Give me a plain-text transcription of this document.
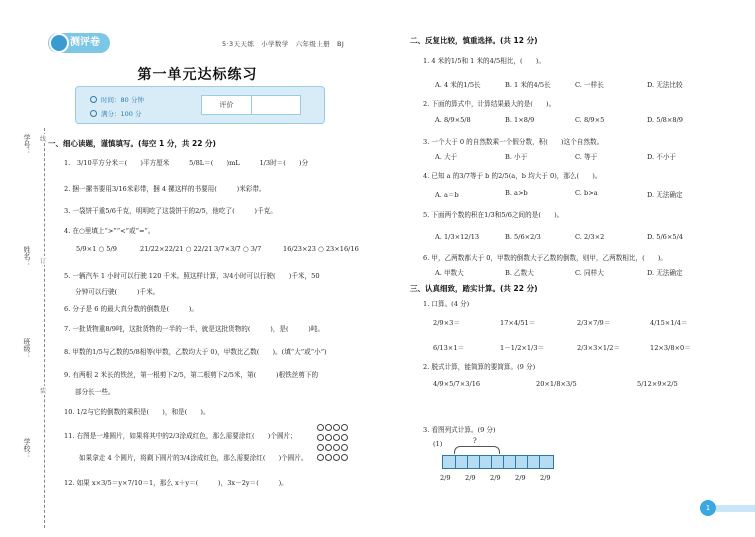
测评卷	5·3天天练　小学数学　六年级上册　BJ
第一单元达标练习
时间：80 分钟
满分：100 分
评价
学号：
姓名：
班级：
学校：
线
订
装
一、细心读题，谨慎填写。(每空 1 分，共 22 分)
1.　3/10平方分米＝(　　)平方厘米　　　5/8L＝(　　)mL　　　1/3时＝(　　)分
2. 捆一摞书要用3/16米彩带，捆 4 摞这样的书要用(　　　)米彩带。
3. 一袋饼干重5/6千克，明明吃了这袋饼干的2/5，他吃了(　　　)千克。
4. 在○里填上“>”“<”或“=”。
5/9×1 ○ 5/9	21/22×22/21 ○ 22/21 3/7×3/7 ○ 3/7	16/23×23 ○ 23×16/16
5. 一辆汽车 1 小时可以行驶 120 千米。照这样计算，3/4小时可以行驶(　　)千米，50
分钟可以行驶(　　　)千米。
6. 分子是 6 的最大真分数的倒数是(　　　)。
7. 一批货物重8/9吨，这批货物的一半的一半，就是这批货物的(　　　)，是(　　　)吨。
8. 甲数的1/5与乙数的5/8相等(甲数，乙数均大于 0)，甲数比乙数(　　)。(填“大”或“小”)
9. 有两根 2 米长的铁丝，第一根剪下2/5，第二根剪下2/5米，第(　　　)根铁丝剪下的
部分长一些。
10. 1/2与它的倒数的乘积是(　　)，和是(　　)。
11. 右图是一堆圆片，如果将其中的2/3涂成红色，那么需要涂红(　　)个圆片；
如果拿走 4 个圆片，将剩下圆片的3/4涂成红色，那么需要涂红(　　)个圆片。

12. 如果 x×3/5＝y×7/10＝1，那么 x＋y＝(　　　)，3x－2y＝(　　　)。
二、反复比较，慎重选择。(共 12 分)
1. 4 米的1/5和 1 米的4/5相比，(　　)。
A. 4 米的1/5长	B. 1 米的4/5长	C. 一样长	D. 无法比较
2. 下面的算式中，计算结果最大的是(　　)。
A. 8/9×5/8	B. 1×8/9	C. 8/9×5	D. 5/8×8/9
3. 一个大于 0 的自然数乘一个假分数，积(　　)这个自然数。
A. 大于	B. 小于	C. 等于	D. 不小于
4. 已知 a 的3/7等于 b 的2/5(a，b 均大于 0)，那么(　　)。
A. a＝b	B. a>b	C. b>a	D. 无法确定
5. 下面两个数的积在1/3和5/6之间的是(　　)。
A. 1/3×12/13	B. 5/6×2/3	C. 2/3×2	D. 5/6×5/4
6. 甲，乙两数都大于 0，甲数的倒数大于乙数的倒数，则甲，乙两数相比，(　　)。
A. 甲数大	B. 乙数大	C. 同样大	D. 无法确定
三、认真细致，踏实计算。(共 22 分)
1. 口算。(4 分)
2/9×3＝	17×4/51＝	2/3×7/9＝	4/15×1/4＝
6/13×1＝	1－1/2×1/3＝	2/3×3×1/2＝	12×3/8×0＝
2. 脱式计算，能简算的要简算。(9 分)
4/9×5/7×3/16	20×1/8×3/5	5/12×9×2/5
3. 看图列式计算。(9 分)
(1)	?
2/9 2/9 2/9 2/9 2/9
1
